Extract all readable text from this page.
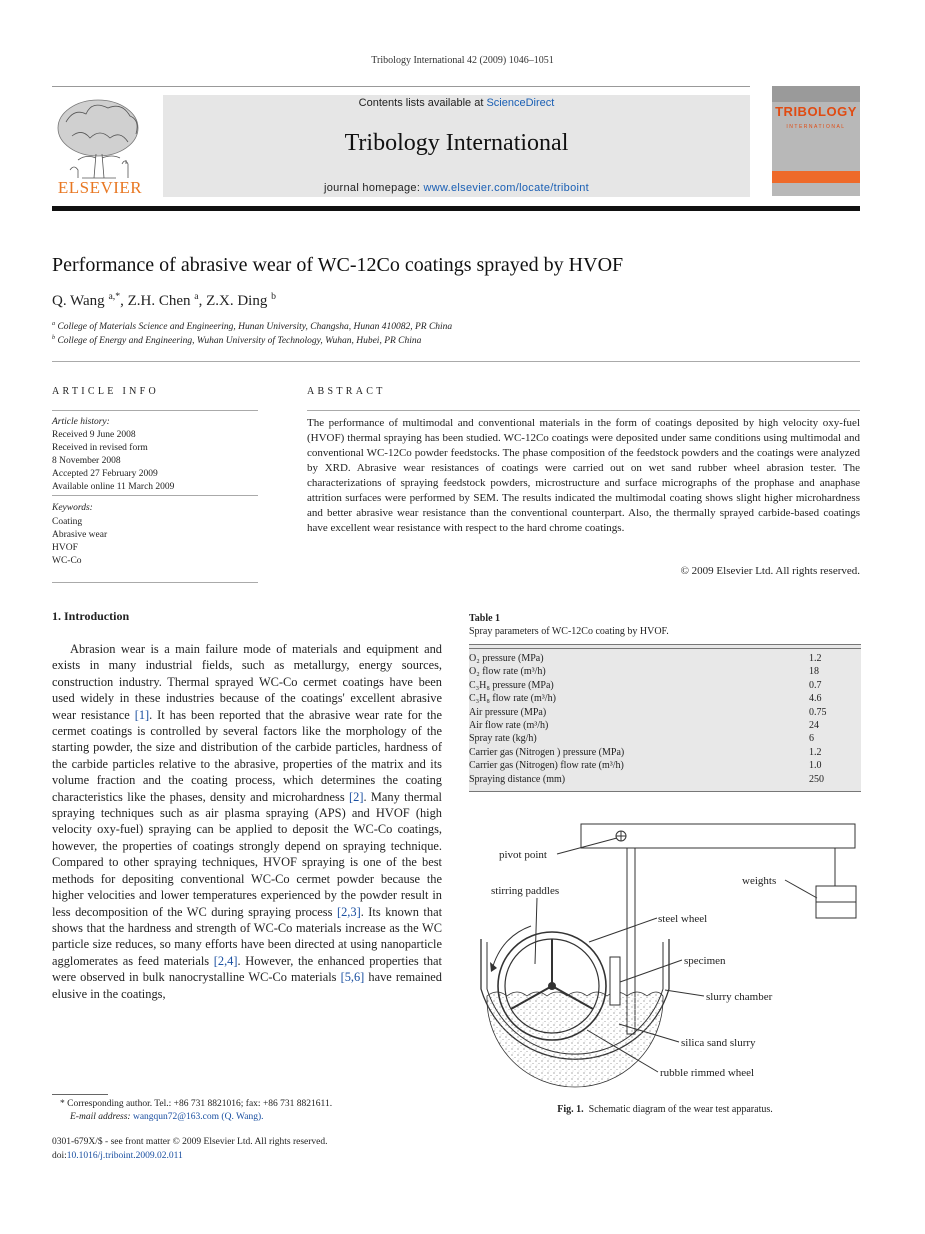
Tribology International 42 (2009) 1046–1051
ELSEVIER
Contents lists available at ScienceDirect
Tribology International
journal homepage: www.elsevier.com/locate/triboint
TRIBOLOGY
INTERNATIONAL
Performance of abrasive wear of WC-12Co coatings sprayed by HVOF
Q. Wang $^{a,*}$, Z.H. Chen $^a$, Z.X. Ding $^b$
$^a$ College of Materials Science and Engineering, Hunan University, Changsha, Hunan 410082, PR China
$^b$ College of Energy and Engineering, Wuhan University of Technology, Wuhan, Hubei, PR China
ARTICLE INFO
Article history:
Received 9 June 2008
Received in revised form
8 November 2008
Accepted 27 February 2009
Available online 11 March 2009
Keywords:
Coating
Abrasive wear
HVOF
WC-Co
ABSTRACT
The performance of multimodal and conventional materials in the form of coatings deposited by high velocity oxy-fuel (HVOF) thermal spraying has been studied. WC-12Co coatings were deposited under same conditions using multimodal and conventional WC-12Co powder feedstocks. The phase composition of the feedstock powders and the coatings were analyzed by XRD. Abrasive wear resistances of coatings were carried out on wet sand rubber wheel abrasion tester. The characterizations of spraying feedstock powders, microstructure and surface micrographs of the prophase and anaphase attrition surfaces were performed by SEM. The results indicated the multimodal coating shows slight higher microhardness and better abrasive wear resistance than the conventional counterpart. Also, the thermally sprayed carbide-based coatings have excellent wear resistance with respect to the hard chrome coatings.
© 2009 Elsevier Ltd. All rights reserved.
1. Introduction

Abrasion wear is a main failure mode of materials and equipment and exists in many industrial fields, such as metallurgy, energy sources, construction industry. Thermal sprayed WC-Co cermet coatings have been used widely in these industries because of the coatings' excellent abrasive wear resistance [1]. It has been reported that the abrasive wear rate for the cermet coatings is controlled by several factors like the morphology of the starting powder, the size and distribution of the carbide particles, hardness of the carbide particles relative to the abrasive, properties of the matrix and its volume fraction and the coating process, which determines the coating characteristics like the phases, density and microhardness [2]. Many thermal spraying techniques such as air plasma spraying (APS) and HVOF (high velocity oxy-fuel) spraying can be applied to deposit the WC-Co coatings, however, the properties of coatings strongly depend on spraying technique. Compared to other spraying techniques, HVOF spraying is one of the best methods for depositing conventional WC-Co cermet powder because the higher velocities and lower temperatures experienced by the powder result in less decomposition of the WC during spraying process [2,3]. Its known that shows that the hardness and strength of WC-Co materials increase as the WC particle size reduces, so many efforts have been directed at using nanoparticle agglomerates as feed materials [2,4]. However, the enhanced properties that were observed in bulk nanocrystalline WC-Co materials [5,6] have remained elusive in the coatings,

* Corresponding author. Tel.: +86 731 8821016; fax: +86 731 8821611.
E-mail address: wangqun72@163.com (Q. Wang).
0301-679X/$ - see front matter © 2009 Elsevier Ltd. All rights reserved.
doi:10.1016/j.triboint.2009.02.011
Table 1
Spray parameters of WC-12Co coating by HVOF.
O₂ pressure (MPa)	1.2
O₂ flow rate (m³/h)	18
C₃H₈ pressure (MPa)	0.7
C₃H₈ flow rate (m³/h)	4.6
Air pressure (MPa)	0.75
Air flow rate (m³/h)	24
Spray rate (kg/h)	6
Carrier gas (Nitrogen ) pressure (MPa)	1.2
Carrier gas (Nitrogen) flow rate (m³/h)	1.0
Spraying distance (mm)	250
pivot point
stirring paddles
weights
steel wheel
specimen
slurry chamber
silica sand slurry
rubble rimmed wheel
Fig. 1. Schematic diagram of the wear test apparatus.
